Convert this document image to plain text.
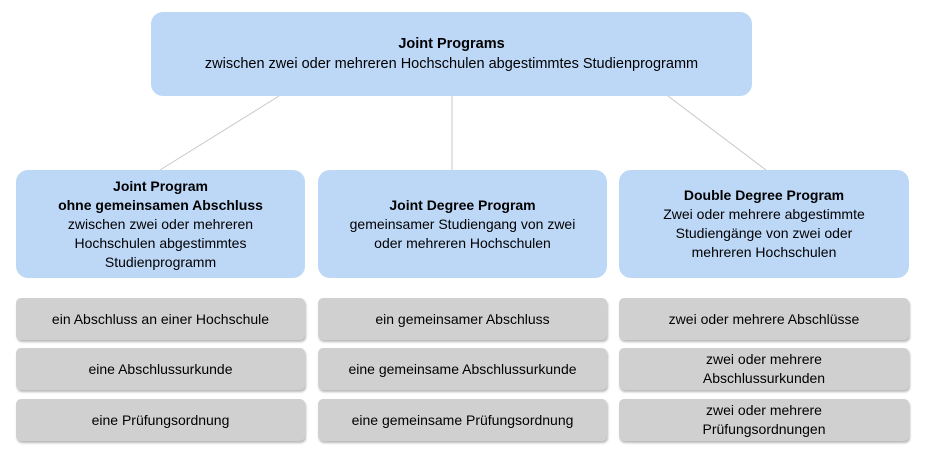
Joint Programs
zwischen zwei oder mehreren Hochschulen abgestimmtes Studienprogramm
Joint Program
ohne gemeinsamen Abschluss
zwischen zwei oder mehreren
Hochschulen abgestimmtes
Studienprogramm
Joint Degree Program
gemeinsamer Studiengang von zwei
oder mehreren Hochschulen
Double Degree Program
Zwei oder mehrere abgestimmte
Studiengänge von zwei oder
mehreren Hochschulen
ein Abschluss an einer Hochschule
eine Abschlussurkunde
eine Prüfungsordnung
ein gemeinsamer Abschluss
eine gemeinsame Abschlussurkunde
eine gemeinsame Prüfungsordnung
zwei oder mehrere Abschlüsse
zwei oder mehrere
Abschlussurkunden
zwei oder mehrere
Prüfungsordnungen
